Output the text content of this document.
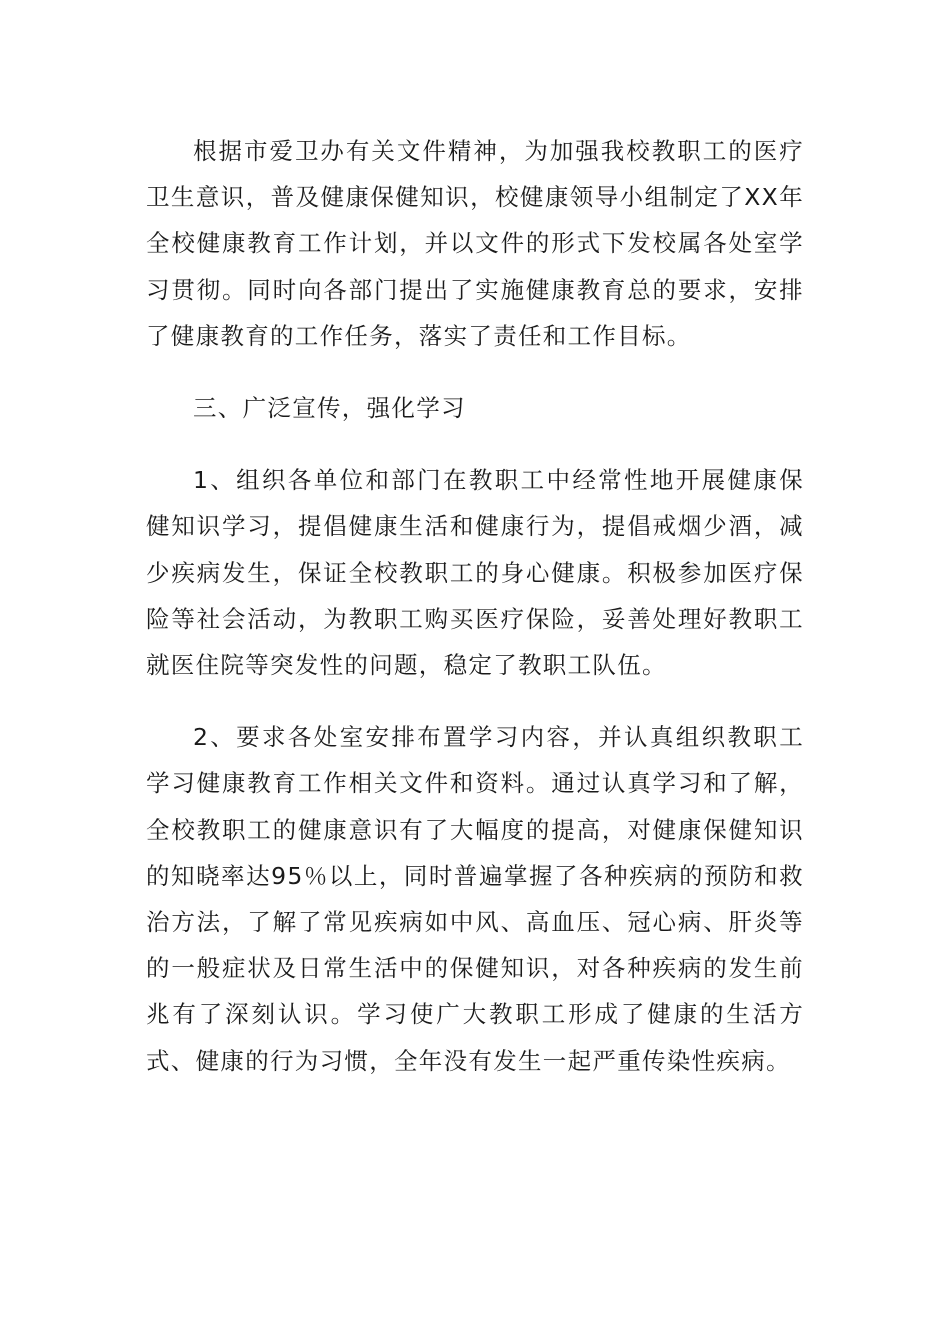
根据市爱卫办有关文件精神，为加强我校教职工的医疗卫生意识，普及健康保健知识，校健康领导小组制定了XX年全校健康教育工作计划，并以文件的形式下发校属各处室学习贯彻。同时向各部门提出了实施健康教育总的要求，安排了健康教育的工作任务，落实了责任和工作目标。

三、广泛宣传，强化学习

1、组织各单位和部门在教职工中经常性地开展健康保健知识学习，提倡健康生活和健康行为，提倡戒烟少酒，减少疾病发生，保证全校教职工的身心健康。积极参加医疗保险等社会活动，为教职工购买医疗保险，妥善处理好教职工就医住院等突发性的问题，稳定了教职工队伍。

2、要求各处室安排布置学习内容，并认真组织教职工学习健康教育工作相关文件和资料。通过认真学习和了解，全校教职工的健康意识有了大幅度的提高，对健康保健知识的知晓率达95％以上，同时普遍掌握了各种疾病的预防和救治方法，了解了常见疾病如中风、高血压、冠心病、肝炎等的一般症状及日常生活中的保健知识，对各种疾病的发生前兆有了深刻认识。学习使广大教职工形成了健康的生活方式、健康的行为习惯，全年没有发生一起严重传染性疾病。
